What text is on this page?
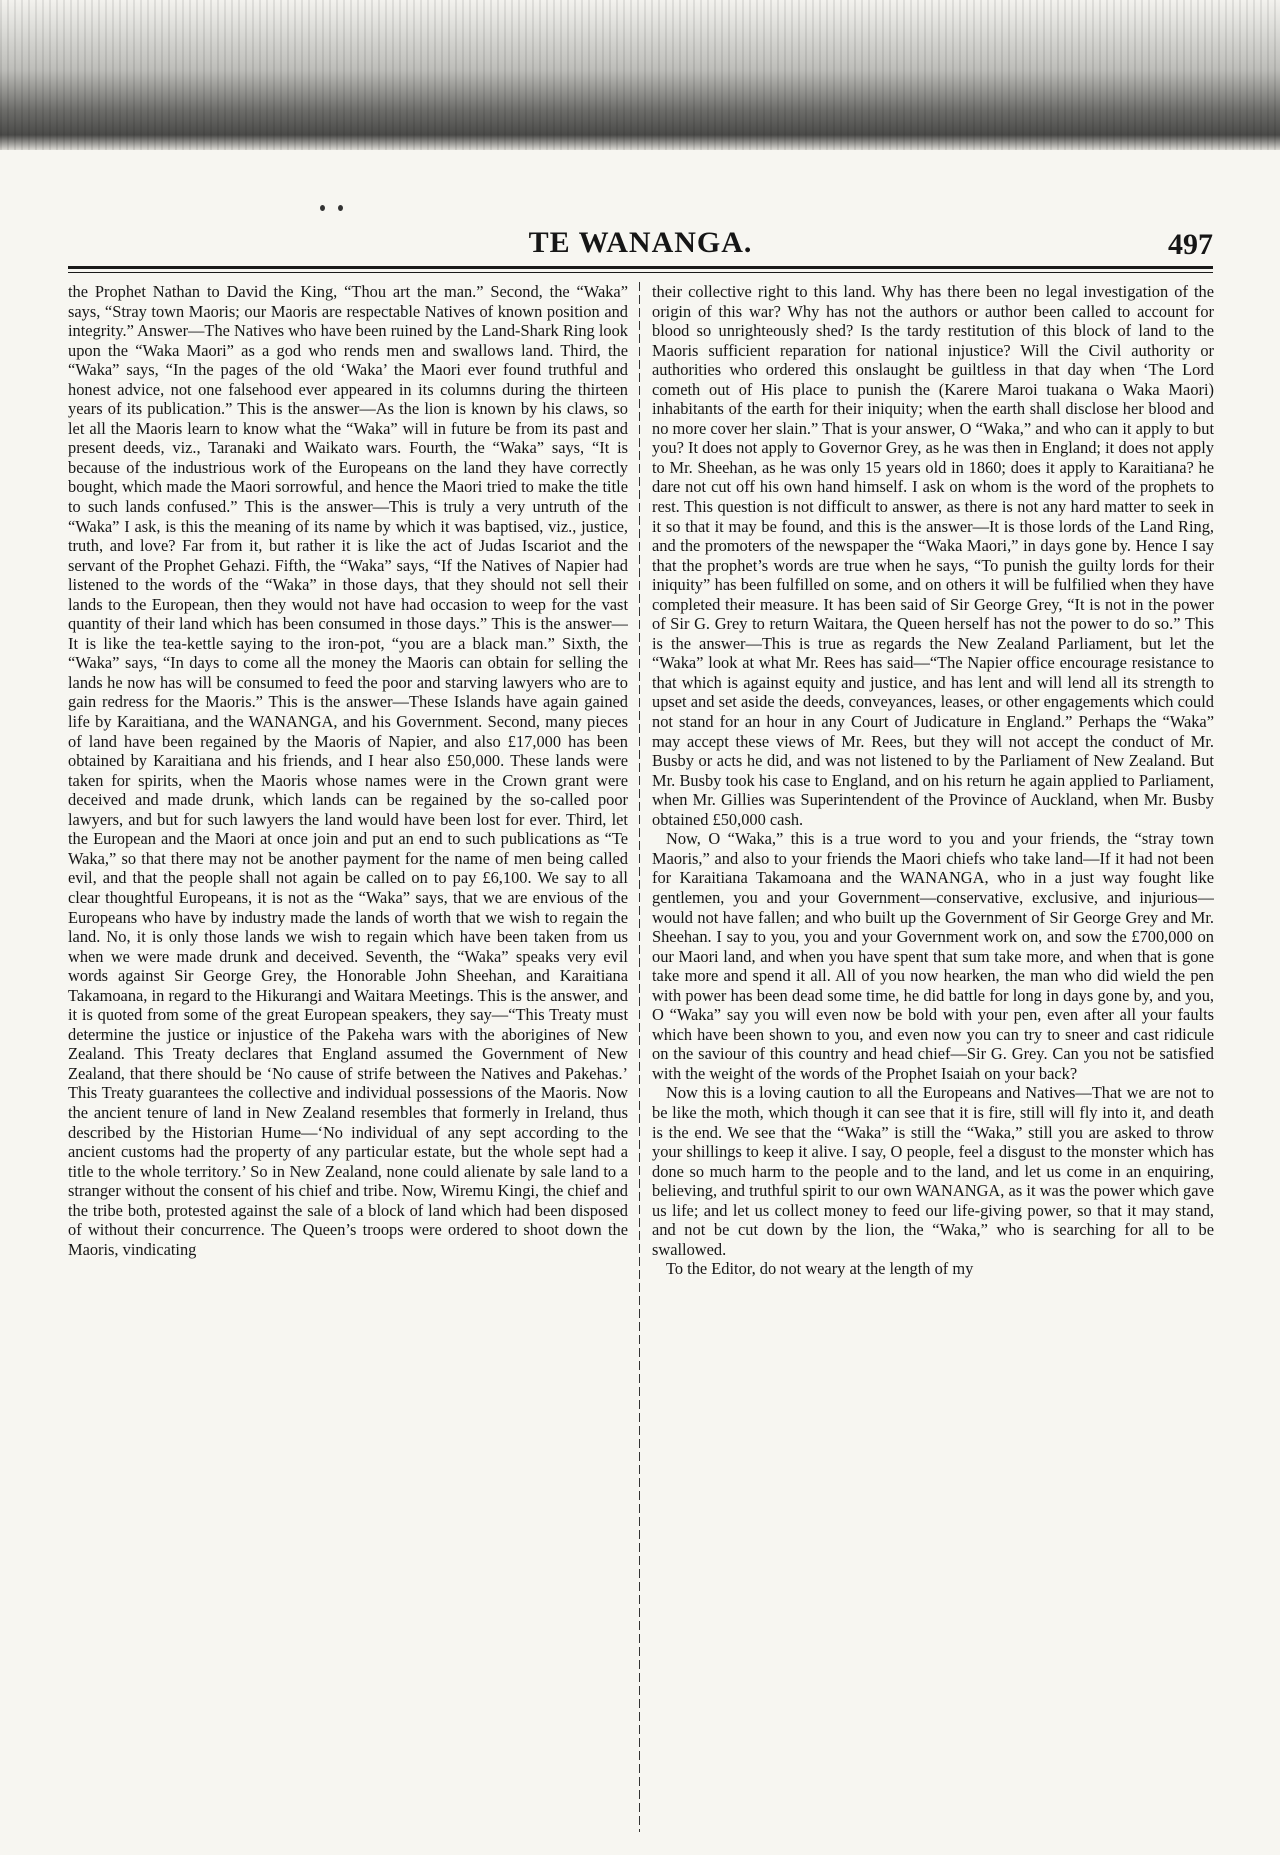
TE WANANGA.	497

the Prophet Nathan to David the King, “Thou art the man.” Second, the “Waka” says, “Stray town Maoris; our Maoris are respectable Natives of known position and integrity.” Answer—The Natives who have been ruined by the Land-Shark Ring look upon the “Waka Maori” as a god who rends men and swallows land. Third, the “Waka” says, “In the pages of the old ‘Waka’ the Maori ever found truthful and honest advice, not one falsehood ever appeared in its columns during the thirteen years of its publication.” This is the answer—As the lion is known by his claws, so let all the Maoris learn to know what the “Waka” will in future be from its past and present deeds, viz., Taranaki and Waikato wars. Fourth, the “Waka” says, “It is because of the industrious work of the Europeans on the land they have correctly bought, which made the Maori sorrowful, and hence the Maori tried to make the title to such lands confused.” This is the answer—This is truly a very untruth of the “Waka” I ask, is this the meaning of its name by which it was baptised, viz., justice, truth, and love? Far from it, but rather it is like the act of Judas Iscariot and the servant of the Prophet Gehazi. Fifth, the “Waka” says, “If the Natives of Napier had listened to the words of the “Waka” in those days, that they should not sell their lands to the European, then they would not have had occasion to weep for the vast quantity of their land which has been consumed in those days.” This is the answer—It is like the tea-kettle saying to the iron-pot, “you are a black man.” Sixth, the “Waka” says, “In days to come all the money the Maoris can obtain for selling the lands he now has will be consumed to feed the poor and starving lawyers who are to gain redress for the Maoris.” This is the answer—These Islands have again gained life by Karaitiana, and the WANANGA, and his Government. Second, many pieces of land have been regained by the Maoris of Napier, and also £17,000 has been obtained by Karaitiana and his friends, and I hear also £50,000. These lands were taken for spirits, when the Maoris whose names were in the Crown grant were deceived and made drunk, which lands can be regained by the so-called poor lawyers, and but for such lawyers the land would have been lost for ever. Third, let the European and the Maori at once join and put an end to such publications as “Te Waka,” so that there may not be another payment for the name of men being called evil, and that the people shall not again be called on to pay £6,100. We say to all clear thoughtful Europeans, it is not as the “Waka” says, that we are envious of the Europeans who have by industry made the lands of worth that we wish to regain the land. No, it is only those lands we wish to regain which have been taken from us when we were made drunk and deceived. Seventh, the “Waka” speaks very evil words against Sir George Grey, the Honorable John Sheehan, and Karaitiana Takamoana, in regard to the Hikurangi and Waitara Meetings. This is the answer, and it is quoted from some of the great European speakers, they say—“This Treaty must determine the justice or injustice of the Pakeha wars with the aborigines of New Zealand. This Treaty declares that England assumed the Government of New Zealand, that there should be ‘No cause of strife between the Natives and Pakehas.’ This Treaty guarantees the collective and individual possessions of the Maoris. Now the ancient tenure of land in New Zealand resembles that formerly in Ireland, thus described by the Historian Hume—‘No individual of any sept according to the ancient customs had the property of any particular estate, but the whole sept had a title to the whole territory.’ So in New Zealand, none could alienate by sale land to a stranger without the consent of his chief and tribe. Now, Wiremu Kingi, the chief and the tribe both, protested against the sale of a block of land which had been disposed of without their concurrence. The Queen’s troops were ordered to shoot down the Maoris, vindicating

their collective right to this land. Why has there been no legal investigation of the origin of this war? Why has not the authors or author been called to account for blood so unrighteously shed? Is the tardy restitution of this block of land to the Maoris sufficient reparation for national injustice? Will the Civil authority or authorities who ordered this onslaught be guiltless in that day when ‘The Lord cometh out of His place to punish the (Karere Maroi tuakana o Waka Maori) inhabitants of the earth for their iniquity; when the earth shall disclose her blood and no more cover her slain.” That is your answer, O “Waka,” and who can it apply to but you? It does not apply to Governor Grey, as he was then in England; it does not apply to Mr. Sheehan, as he was only 15 years old in 1860; does it apply to Karaitiana? he dare not cut off his own hand himself. I ask on whom is the word of the prophets to rest. This question is not difficult to answer, as there is not any hard matter to seek in it so that it may be found, and this is the answer—It is those lords of the Land Ring, and the promoters of the newspaper the “Waka Maori,” in days gone by. Hence I say that the prophet’s words are true when he says, “To punish the guilty lords for their iniquity” has been fulfilled on some, and on others it will be fulfilied when they have completed their measure. It has been said of Sir George Grey, “It is not in the power of Sir G. Grey to return Waitara, the Queen herself has not the power to do so.” This is the answer—This is true as regards the New Zealand Parliament, but let the “Waka” look at what Mr. Rees has said—“The Napier office encourage resistance to that which is against equity and justice, and has lent and will lend all its strength to upset and set aside the deeds, conveyances, leases, or other engagements which could not stand for an hour in any Court of Judicature in England.” Perhaps the “Waka” may accept these views of Mr. Rees, but they will not accept the conduct of Mr. Busby or acts he did, and was not listened to by the Parliament of New Zealand. But Mr. Busby took his case to England, and on his return he again applied to Parliament, when Mr. Gillies was Superintendent of the Province of Auckland, when Mr. Busby obtained £50,000 cash.

Now, O “Waka,” this is a true word to you and your friends, the “stray town Maoris,” and also to your friends the Maori chiefs who take land—If it had not been for Karaitiana Takamoana and the WANANGA, who in a just way fought like gentlemen, you and your Government—conservative, exclusive, and injurious—would not have fallen; and who built up the Government of Sir George Grey and Mr. Sheehan. I say to you, you and your Government work on, and sow the £700,000 on our Maori land, and when you have spent that sum take more, and when that is gone take more and spend it all. All of you now hearken, the man who did wield the pen with power has been dead some time, he did battle for long in days gone by, and you, O “Waka” say you will even now be bold with your pen, even after all your faults which have been shown to you, and even now you can try to sneer and cast ridicule on the saviour of this country and head chief—Sir G. Grey. Can you not be satisfied with the weight of the words of the Prophet Isaiah on your back?

Now this is a loving caution to all the Europeans and Natives—That we are not to be like the moth, which though it can see that it is fire, still will fly into it, and death is the end. We see that the “Waka” is still the “Waka,” still you are asked to throw your shillings to keep it alive. I say, O people, feel a disgust to the monster which has done so much harm to the people and to the land, and let us come in an enquiring, believing, and truthful spirit to our own WANANGA, as it was the power which gave us life; and let us collect money to feed our life-giving power, so that it may stand, and not be cut down by the lion, the “Waka,” who is searching for all to be swallowed.

To the Editor, do not weary at the length of my
